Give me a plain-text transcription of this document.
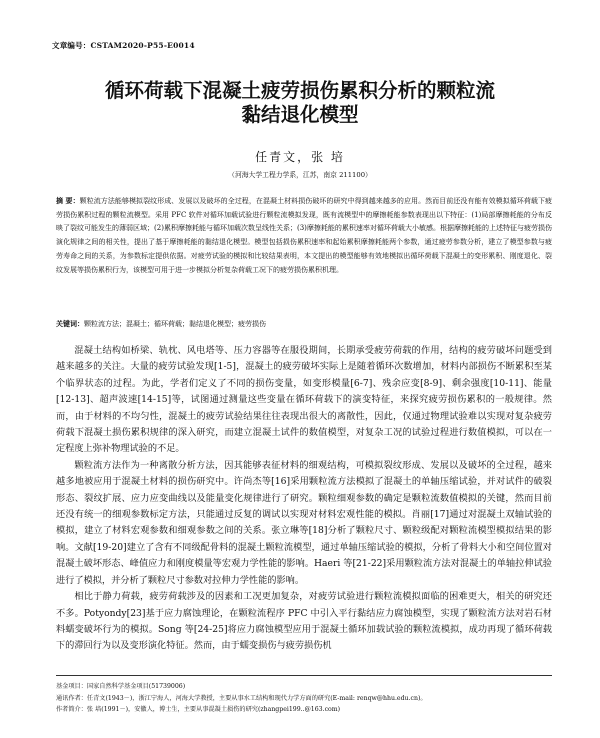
文章编号：CSTAM2020-P55-E0014
循环荷载下混凝土疲劳损伤累积分析的颗粒流
黏结退化模型
任青文，张 培
（河海大学工程力学系，江苏，南京 211100）
摘 要：颗粒流方法能够模拟裂纹形成、发展以及破坏的全过程，在混凝土材料损伤破坏的研究中得到越来越多的应用。然而目前还没有能有效模拟循环荷载下疲劳损伤累积过程的颗粒流模型。采用 PFC 软件对循环加载试验进行颗粒流模拟发现，既有流模型中的摩擦耗能参数表现出以下特征：(1)局部摩擦耗能的分布反映了裂纹可能发生的薄弱区域；(2)累积摩擦耗能与循环加载次数呈线性关系；(3)摩擦耗能的累积速率对循环荷载大小敏感。根据摩擦耗能的上述特征与疲劳损伤演化规律之间的相关性，提出了基于摩擦耗能的黏结退化模型。模型包括损伤累积速率和起始累积摩擦耗能两个参数，通过疲劳参数分析，建立了模型参数与疲劳寿命之间的关系，为参数标定提供依据。对疲劳试验的模拟和比较结果表明，本文提出的模型能够有效地模拟出循环荷载下混凝土的变形累积、刚度退化、裂纹发展等损伤累积行为，该模型可用于进一步模拟分析复杂荷载工况下的疲劳损伤累积机理。
关键词：颗粒流方法；混凝土；循环荷载；黏结退化模型；疲劳损伤

混凝土结构如桥梁、轨枕、风电塔等、压力容器等在服役期间，长期承受疲劳荷载的作用，结构的疲劳破坏问题受到越来越多的关注。大量的疲劳试验发现[1-5]，混凝土的疲劳破坏实际上是随着循环次数增加，材料内部损伤不断累积至某个临界状态的过程。为此，学者们定义了不同的损伤变量，如变形模量[6-7]、残余应变[8-9]、剩余强度[10-11]、能量[12-13]、超声波速[14-15]等，试图通过测量这些变量在循环荷载下的演变特征，来探究疲劳损伤累积的一般规律。然而，由于材料的不均匀性，混凝土的疲劳试验结果往往表现出很大的离散性，因此，仅通过物理试验难以实现对复杂疲劳荷载下混凝土损伤累积规律的深入研究，而建立混凝土试件的数值模型，对复杂工况的试验过程进行数值模拟，可以在一定程度上弥补物理试验的不足。

颗粒流方法作为一种离散分析方法，因其能够表征材料的细观结构，可模拟裂纹形成、发展以及破坏的全过程，越来越多地被应用于混凝土材料的损伤研究中。许尚杰等[16]采用颗粒流方法模拟了混凝土的单轴压缩试验，并对试件的破裂形态、裂纹扩展、应力应变曲线以及能量变化规律进行了研究。颗粒细观参数的确定是颗粒流数值模拟的关键，然而目前还没有统一的细观参数标定方法，只能通过反复的调试以实现对材料宏观性能的模拟。肖丽[17]通过对混凝土双轴试验的模拟，建立了材料宏观参数和细观参数之间的关系。张立琳等[18]分析了颗粒尺寸、颗粒级配对颗粒流模型模拟结果的影响。文献[19-20]建立了含有不同级配骨料的混凝土颗粒流模型，通过单轴压缩试验的模拟，分析了骨料大小和空间位置对混凝土破坏形态、峰值应力和刚度模量等宏观力学性能的影响。Haeri 等[21-22]采用颗粒流方法对混凝土的单轴拉伸试验进行了模拟，并分析了颗粒尺寸参数对拉伸力学性能的影响。

相比于静力荷载，疲劳荷载涉及的因素和工况更加复杂，对疲劳试验进行颗粒流模拟面临的困难更大，相关的研究还不多。Potyondy[23]基于应力腐蚀理论，在颗粒流程序 PFC 中引入平行黏结应力腐蚀模型，实现了颗粒流方法对岩石材料蠕变破坏行为的模拟。Song 等[24-25]将应力腐蚀模型应用于混凝土循环加载试验的颗粒流模拟，成功再现了循环荷载下的滞回行为以及变形演化特征。然而，由于蠕变损伤与疲劳损伤机

基金项目：国家自然科学基金项目(51739006)
通讯作者：任青文(1943－)，浙江宁海人，河海大学教授，主要从事水工结构和现代力学方面的研究(E-mail: renqw@hhu.edu.cn)。
作者简介：张 培(1991－)，安徽人，博士生，主要从事混凝土损伤的研究(zhangpei199..@163.com)
